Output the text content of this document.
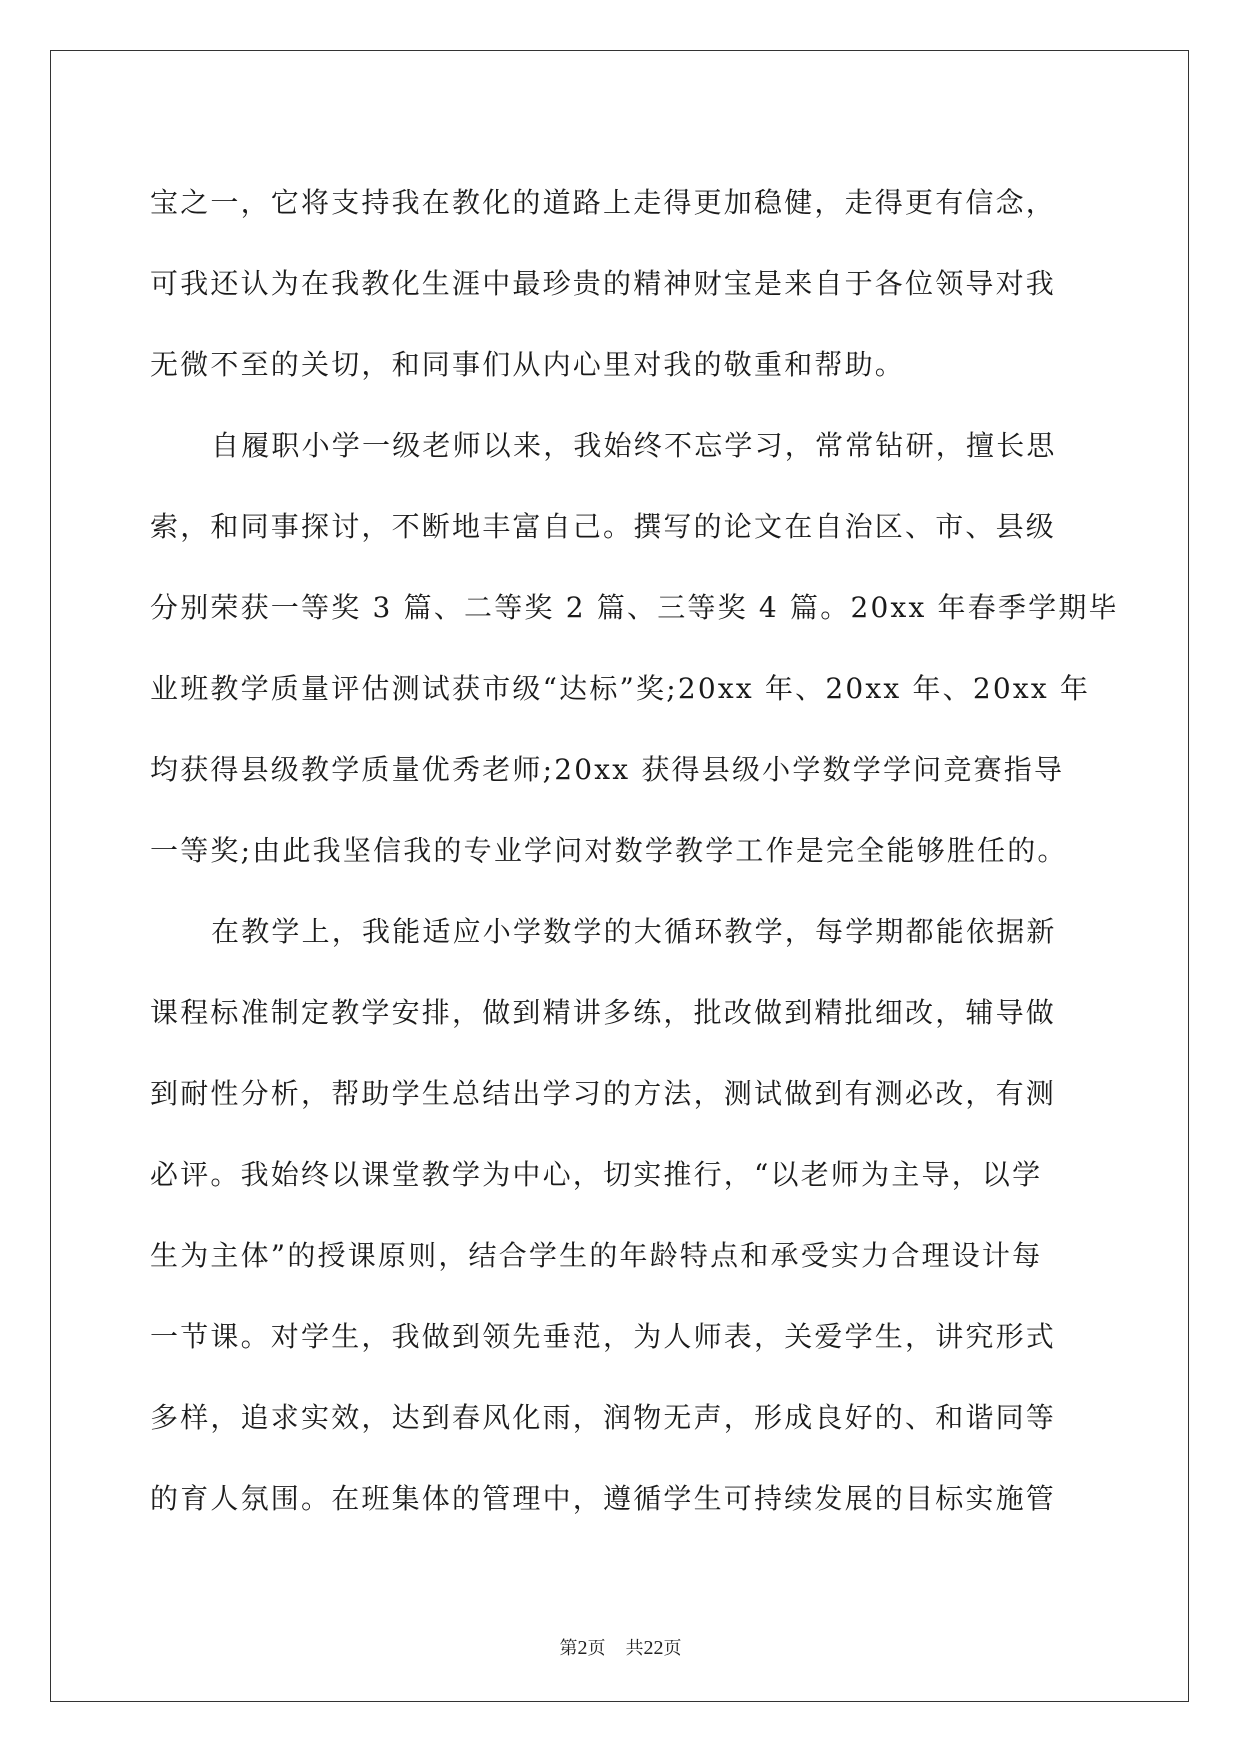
宝之一，它将支持我在教化的道路上走得更加稳健，走得更有信念，
可我还认为在我教化生涯中最珍贵的精神财宝是来自于各位领导对我
无微不至的关切，和同事们从内心里对我的敬重和帮助。
自履职小学一级老师以来，我始终不忘学习，常常钻研，擅长思
索，和同事探讨，不断地丰富自己。撰写的论文在自治区、市、县级
分别荣获一等奖 3 篇、二等奖 2 篇、三等奖 4 篇。20xx 年春季学期毕
业班教学质量评估测试获市级“达标”奖;20xx 年、20xx 年、20xx 年
均获得县级教学质量优秀老师;20xx 获得县级小学数学学问竞赛指导
一等奖;由此我坚信我的专业学问对数学教学工作是完全能够胜任的。
在教学上，我能适应小学数学的大循环教学，每学期都能依据新
课程标准制定教学安排，做到精讲多练，批改做到精批细改，辅导做
到耐性分析，帮助学生总结出学习的方法，测试做到有测必改，有测
必评。我始终以课堂教学为中心，切实推行，“以老师为主导，以学
生为主体”的授课原则，结合学生的年龄特点和承受实力合理设计每
一节课。对学生，我做到领先垂范，为人师表，关爱学生，讲究形式
多样，追求实效，达到春风化雨，润物无声，形成良好的、和谐同等
的育人氛围。在班集体的管理中，遵循学生可持续发展的目标实施管
第2页 共22页
